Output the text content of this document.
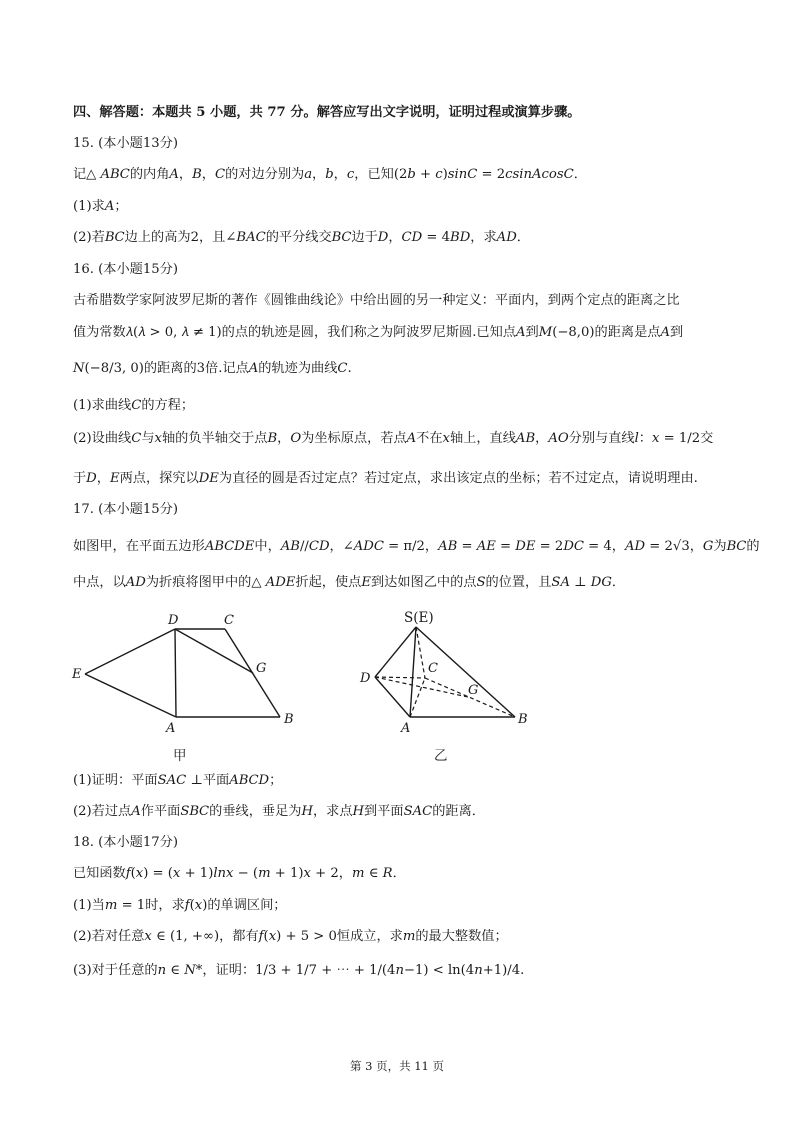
四、解答题：本题共 5 小题，共 77 分。解答应写出文字说明，证明过程或演算步骤。
15. (本小题13分)
记△ 𝐴𝐵𝐶的内角𝐴，𝐵，𝐶的对边分别为𝑎，𝑏，𝑐，已知(2𝑏 + 𝑐)𝑠𝑖𝑛𝐶 = 2𝑐𝑠𝑖𝑛𝐴𝑐𝑜𝑠𝐶．
(1)求𝐴；
(2)若𝐵𝐶边上的高为2，且∠𝐵𝐴𝐶的平分线交𝐵𝐶边于𝐷，𝐶𝐷 = 4𝐵𝐷，求𝐴𝐷．
16. (本小题15分)
古希腊数学家阿波罗尼斯的著作《圆锥曲线论》中给出圆的另一种定义：平面内，到两个定点的距离之比
值为常数𝜆(𝜆 > 0, 𝜆 ≠ 1)的点的轨迹是圆，我们称之为阿波罗尼斯圆.已知点𝐴到𝑀(−8,0)的距离是点𝐴到
𝑁(−8/3, 0)的距离的3倍.记点𝐴的轨迹为曲线𝐶.
(1)求曲线𝐶的方程；
(2)设曲线𝐶与𝑥轴的负半轴交于点𝐵，𝑂为坐标原点，若点𝐴不在𝑥轴上，直线𝐴𝐵，𝐴𝑂分别与直线𝑙：𝑥 = 1/2交
于𝐷，𝐸两点，探究以𝐷𝐸为直径的圆是否过定点？若过定点，求出该定点的坐标；若不过定点，请说明理由.
17. (本小题15分)
如图甲，在平面五边形𝐴𝐵𝐶𝐷𝐸中，𝐴𝐵//𝐶𝐷，∠𝐴𝐷𝐶 = π/2，𝐴𝐵 = 𝐴𝐸 = 𝐷𝐸 = 2𝐷𝐶 = 4，𝐴𝐷 = 2√3，𝐺为𝐵𝐶的
中点，以𝐴𝐷为折痕将图甲中的△ 𝐴𝐷𝐸折起，使点𝐸到达如图乙中的点𝑆的位置，且𝑆𝐴 ⊥ 𝐷𝐺．
D	C
E	G
A
B
甲
S(E)
D
C
G
A
B
乙
(1)证明：平面𝑆𝐴𝐶 ⊥平面𝐴𝐵𝐶𝐷；
(2)若过点𝐴作平面𝑆𝐵𝐶的垂线，垂足为𝐻，求点𝐻到平面𝑆𝐴𝐶的距离．
18. (本小题17分)
已知函数𝑓(𝑥) = (𝑥 + 1)𝑙𝑛𝑥 − (𝑚 + 1)𝑥 + 2，𝑚 ∈ 𝑅．
(1)当𝑚 = 1时，求𝑓(𝑥)的单调区间；
(2)若对任意𝑥 ∈ (1, +∞)，都有𝑓(𝑥) + 5 > 0恒成立，求𝑚的最大整数值；
(3)对于任意的𝑛 ∈ 𝑁*，证明：1/3 + 1/7 + ⋯ + 1/(4𝑛−1) < ln(4𝑛+1)/4.
第 3 页，共 11 页
